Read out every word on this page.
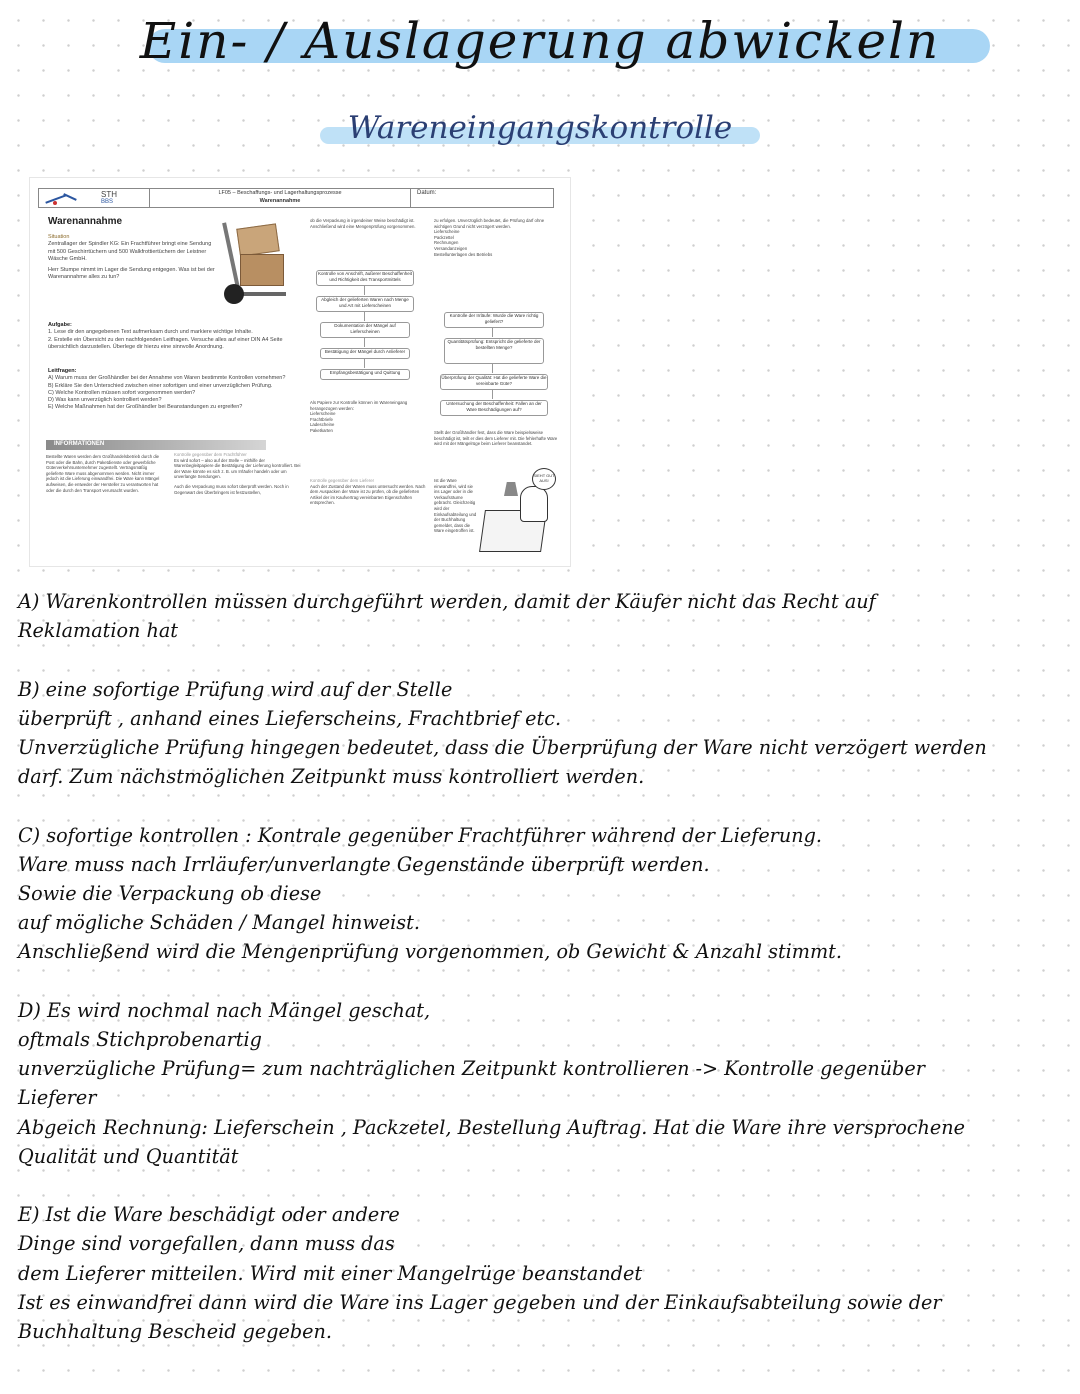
Ein- / Auslagerung abwickeln
Wareneingangskontrolle
STH
BBS
LF05 – Beschaffungs- und Lagerhaltungsprozesse
Warenannahme
Datum:
Warenannahme
Situation
Zentrallager der Spindler KG: Ein Frachtführer bringt eine Sendung mit 500 Geschirrtüchern und 500 Walkfrottiertüchern der Leistner Wäsche GmbH.
Herr Stumpe nimmt im Lager die Sendung entgegen. Was ist bei der Warenannahme alles zu tun?
Aufgabe:
1. Lese dir den angegebenen Text aufmerksam durch und markiere wichtige Inhalte.
2. Erstelle ein Übersicht zu den nachfolgenden Leitfragen. Versuche alles auf einer DIN A4 Seite übersichtlich darzustellen. Überlege dir hierzu eine sinnvolle Anordnung.
Leitfragen:
A) Warum muss der Großhändler bei der Annahme von Waren bestimmte Kontrollen vornehmen?
B) Erkläre Sie den Unterschied zwischen einer sofortigen und einer unverzüglichen Prüfung.
C) Welche Kontrollen müssen sofort vorgenommen werden?
D) Was kann unverzüglich kontrolliert werden?
E) Welche Maßnahmen hat der Großhändler bei Beanstandungen zu ergreifen?
INFORMATIONEN
Bestellte Waren werden dem Großhandelsbetrieb durch die Post oder die Bahn, durch Paketdienste oder gewerbliche Güterverkehrsunternehmer zugestellt. Vertragsmäßig gelieferte Ware muss abgenommen werden. Nicht immer jedoch ist die Lieferung einwandfrei. Die Ware kann Mängel aufweisen, die entweder der Hersteller zu verantworten hat oder die durch den Transport verursacht wurden.
Kontrolle gegenüber dem Frachtführer
Es wird sofort – also auf der Stelle – mithilfe der Warenbegleitpapiere die Bestätigung der Lieferung kontrolliert. Bei der Ware könnte es sich z. B. um Irrläufer handeln oder um unverlangte Sendungen.
Auch die Verpackung muss sofort überprüft werden. Noch in Gegenwart des Überbringers ist festzustellen,
ob die Verpackung in irgendeiner Weise beschädigt ist. Anschließend wird eine Mengenprüfung vorgenommen.
Kontrolle von Anschrift, äußerer Beschaffenheit und Richtigkeit des Transportmittels
Abgleich der gelieferten Waren nach Menge und Art mit Lieferscheinen
Dokumentation der Mängel auf Lieferscheinen
Bestätigung der Mängel durch Anlieferer
Empfangsbestätigung und Quittung
Als Papiere zur Kontrolle können im Wareneingang herangezogen werden:
Lieferscheine
Frachtbriefe
Ladescheine
Paketkarten
Kontrolle gegenüber dem Lieferer
Auch der Zustand der Waren muss untersucht werden. Nach dem Auspacken der Ware ist zu prüfen, ob die gelieferten Artikel der im Kaufvertrag vereinbarten Eigenschaften entsprechen.
zu erfolgen. Unverzüglich bedeutet, die Prüfung darf ohne wichtigen Grund nicht verzögert werden.
Lieferscheine
Packzettel
Rechnungen
Versandanzeigen
Bestellunterlagen des Betriebs
Kontrolle der Irrläufe: Wurde die Ware richtig geliefert?
Quantitätsprüfung: Entspricht die gelieferte der bestellten Menge?
Überprüfung der Qualität: Hat die gelieferte Ware die vereinbarte Güte?
Untersuchung der Beschaffenheit: Fallen an der Ware Beschädigungen auf?
Stellt der Großhändler fest, dass die Ware beispielsweise beschädigt ist, teilt er dies dem Lieferer mit. Die fehlerhafte Ware wird mit der Mängelrüge beim Lieferer beanstandet.
Ist die Ware einwandfrei, wird sie ins Lager oder in die Verkaufsräume gebracht. Gleichzeitig wird der Einkaufsabteilung und der Buchhaltung gemeldet, dass die Ware eingetroffen ist.
SIEHT GUT AUS!
A) Warenkontrollen müssen durchgeführt werden, damit der Käufer nicht das Recht auf
Reklamation hat
B) eine sofortige Prüfung wird auf der Stelle
überprüft , anhand eines Lieferscheins, Frachtbrief etc.
Unverzügliche Prüfung hingegen bedeutet, dass die Überprüfung der Ware nicht verzögert werden
darf. Zum nächstmöglichen Zeitpunkt muss kontrolliert werden.
C) sofortige kontrollen : Kontrale gegenüber Frachtführer während der Lieferung.
Ware muss nach Irrläufer/unverlangte Gegenstände überprüft werden.
Sowie die Verpackung ob diese
auf mögliche Schäden / Mangel hinweist.
Anschließend wird die Mengenprüfung vorgenommen, ob Gewicht & Anzahl stimmt.
D) Es wird nochmal nach Mängel geschat,
oftmals Stichprobenartig
unverzügliche Prüfung= zum nachträglichen Zeitpunkt kontrollieren -> Kontrolle gegenüber
Lieferer
Abgeich Rechnung: Lieferschein , Packzetel, Bestellung Auftrag. Hat die Ware ihre versprochene
Qualität und Quantität
E) Ist die Ware beschädigt oder andere
Dinge sind vorgefallen, dann muss das
dem Lieferer mitteilen. Wird mit einer Mangelrüge beanstandet
Ist es einwandfrei dann wird die Ware ins Lager gegeben und der Einkaufsabteilung sowie der
Buchhaltung Bescheid gegeben.
